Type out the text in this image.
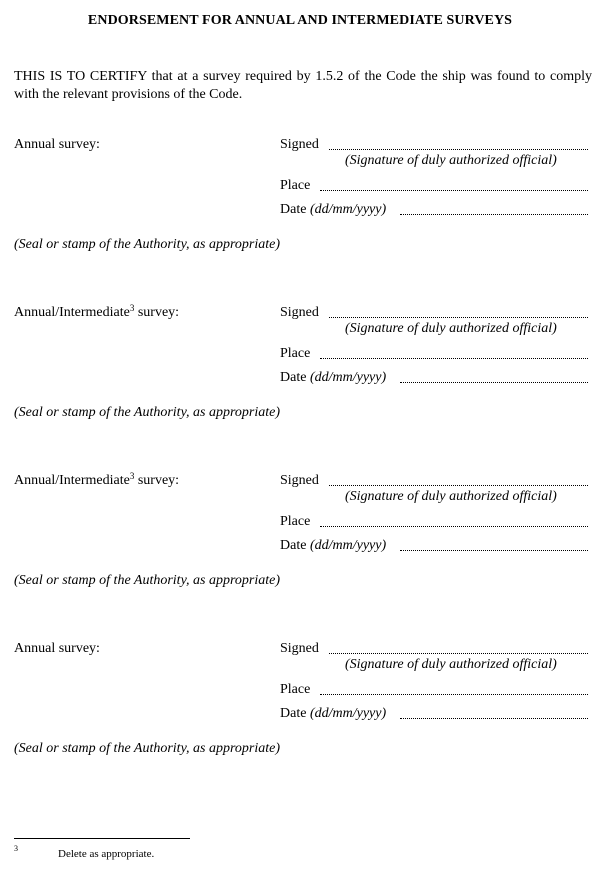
ENDORSEMENT FOR ANNUAL AND INTERMEDIATE SURVEYS
THIS IS TO CERTIFY that at a survey required by 1.5.2 of the Code the ship was found to comply with the relevant provisions of the Code.
Annual survey:	Signed
(Signature of duly authorized official)
Place
Date (dd/mm/yyyy)
(Seal or stamp of the Authority, as appropriate)
Annual/Intermediate$^3$ survey:	Signed
(Signature of duly authorized official)
Place
Date (dd/mm/yyyy)
(Seal or stamp of the Authority, as appropriate)
Annual/Intermediate$^3$ survey:	Signed
(Signature of duly authorized official)
Place
Date (dd/mm/yyyy)
(Seal or stamp of the Authority, as appropriate)
Annual survey:	Signed
(Signature of duly authorized official)
Place
Date (dd/mm/yyyy)
(Seal or stamp of the Authority, as appropriate)
3	Delete as appropriate.
